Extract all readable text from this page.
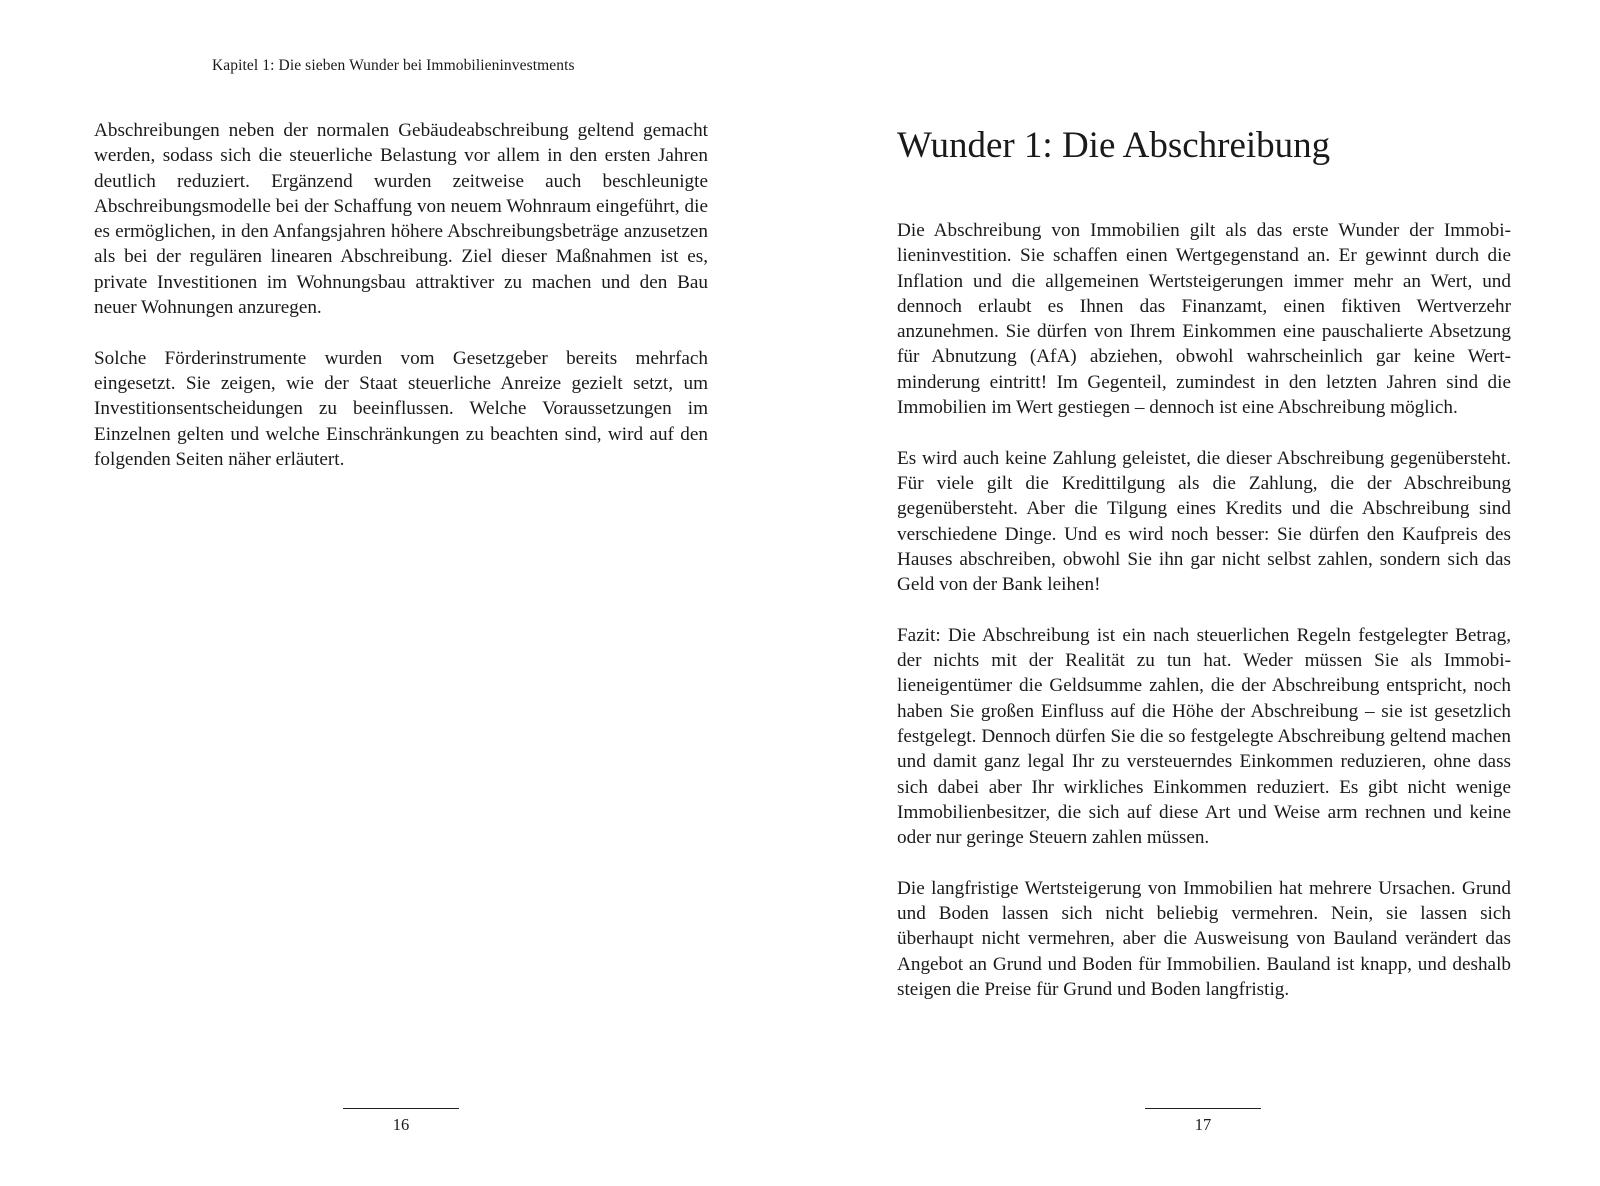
Kapitel 1: Die sieben Wunder bei Immobilieninvestments

Abschreibungen neben der normalen Gebäudeabschreibung geltend gemacht werden, sodass sich die steuerliche Belastung vor allem in den ersten Jahren deutlich reduziert. Ergänzend wurden zeitweise auch beschleunigte Abschreibungsmodelle bei der Schaffung von neuem Wohnraum eingeführt, die es ermöglichen, in den Anfangsjahren höhere Abschreibungsbeträge anzusetzen als bei der regulären linearen Abschreibung. Ziel dieser Maßnahmen ist es, private Investitionen im Wohnungsbau attraktiver zu machen und den Bau neuer Wohnungen anzuregen.

Solche Förderinstrumente wurden vom Gesetzgeber bereits mehrfach eingesetzt. Sie zeigen, wie der Staat steuerliche Anreize gezielt setzt, um Investitionsentscheidungen zu beeinflussen. Welche Voraussetzungen im Einzelnen gelten und welche Einschränkungen zu beachten sind, wird auf den folgenden Seiten näher erläutert.

16
Wunder 1: Die Abschreibung

Die Abschreibung von Immobilien gilt als das erste Wunder der Immobilieninvestition. Sie schaffen einen Wertgegenstand an. Er gewinnt durch die Inflation und die allgemeinen Wertsteigerungen immer mehr an Wert, und dennoch erlaubt es Ihnen das Finanzamt, einen fiktiven Wertverzehr anzunehmen. Sie dürfen von Ihrem Einkommen eine pauschalierte Absetzung für Abnutzung (AfA) abziehen, obwohl wahrscheinlich gar keine Wertminderung eintritt! Im Gegenteil, zumindest in den letzten Jahren sind die Immobilien im Wert gestiegen – dennoch ist eine Abschreibung möglich.

Es wird auch keine Zahlung geleistet, die dieser Abschreibung gegenübersteht. Für viele gilt die Kredittilgung als die Zahlung, die der Abschreibung gegenübersteht. Aber die Tilgung eines Kredits und die Abschreibung sind verschiedene Dinge. Und es wird noch besser: Sie dürfen den Kaufpreis des Hauses abschreiben, obwohl Sie ihn gar nicht selbst zahlen, sondern sich das Geld von der Bank leihen!

Fazit: Die Abschreibung ist ein nach steuerlichen Regeln festgelegter Betrag, der nichts mit der Realität zu tun hat. Weder müssen Sie als Immobilieneigentümer die Geldsumme zahlen, die der Abschreibung entspricht, noch haben Sie großen Einfluss auf die Höhe der Abschreibung – sie ist gesetzlich festgelegt. Dennoch dürfen Sie die so festgelegte Abschreibung geltend machen und damit ganz legal Ihr zu versteuerndes Einkommen reduzieren, ohne dass sich dabei aber Ihr wirkliches Einkommen reduziert. Es gibt nicht wenige Immobilienbesitzer, die sich auf diese Art und Weise arm rechnen und keine oder nur geringe Steuern zahlen müssen.

Die langfristige Wertsteigerung von Immobilien hat mehrere Ursachen. Grund und Boden lassen sich nicht beliebig vermehren. Nein, sie lassen sich überhaupt nicht vermehren, aber die Ausweisung von Bauland verändert das Angebot an Grund und Boden für Immobilien. Bauland ist knapp, und deshalb steigen die Preise für Grund und Boden langfristig.

17
